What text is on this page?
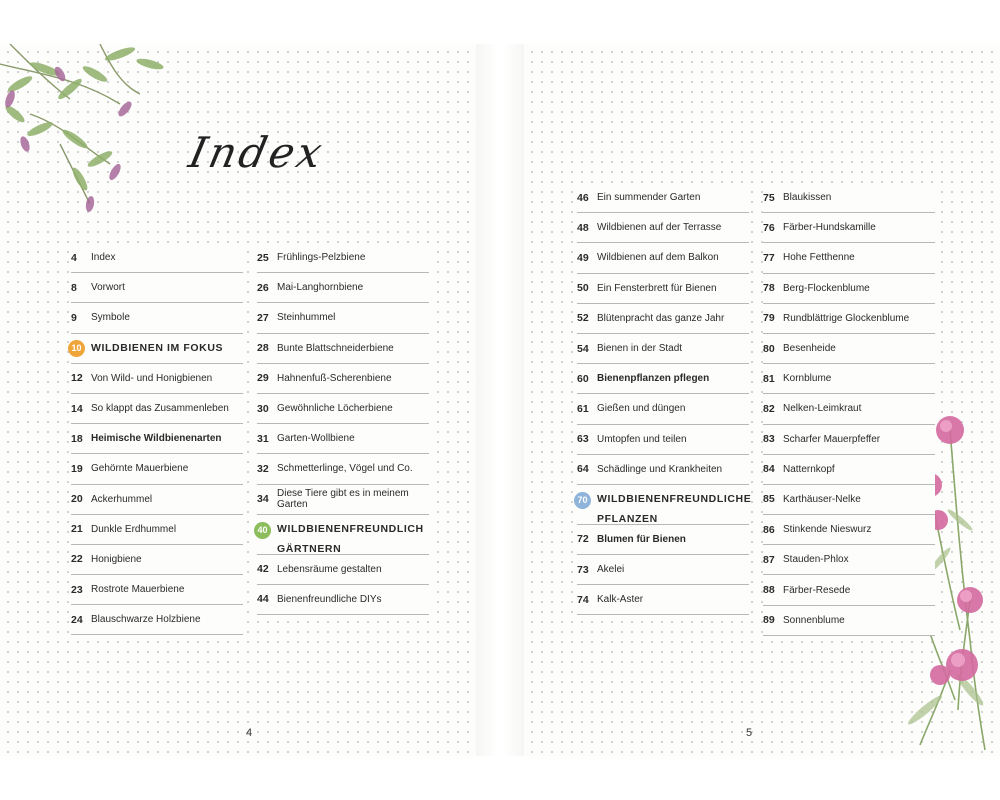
Index
4	Index
8	Vorwort
9	Symbole
10 WILDBIENEN IM FOKUS
12 Von Wild- und Honigbienen
14 So klappt das Zusammenleben
18 Heimische Wildbienenarten
19 Gehörnte Mauerbiene
20 Ackerhummel
21 Dunkle Erdhummel
22 Honigbiene
23 Rostrote Mauerbiene
24 Blauschwarze Holzbiene
25 Frühlings-Pelzbiene
26 Mai-Langhornbiene
27 Steinhummel
28 Bunte Blattschneiderbiene
29 Hahnenfuß-Scherenbiene
30 Gewöhnliche Löcherbiene
31 Garten-Wollbiene
32 Schmetterlinge, Vögel und Co.
34 Diese Tiere gibt es in meinem Garten
40 WILDBIENENFREUNDLICH GÄRTNERN
42 Lebensräume gestalten
44 Bienenfreundliche DIYs
46 Ein summender Garten
48 Wildbienen auf der Terrasse
49 Wildbienen auf dem Balkon
50 Ein Fensterbrett für Bienen
52 Blütenpracht das ganze Jahr
54 Bienen in der Stadt
60 Bienenpflanzen pflegen
61 Gießen und düngen
63 Umtopfen und teilen
64 Schädlinge und Krankheiten
70 WILDBIENENFREUNDLICHE PFLANZEN
72 Blumen für Bienen
73 Akelei
74 Kalk-Aster
75 Blaukissen
76 Färber-Hundskamille
77 Hohe Fetthenne
78 Berg-Flockenblume
79 Rundblättrige Glockenblume
80 Besenheide
81 Kornblume
82 Nelken-Leimkraut
83 Scharfer Mauerpfeffer
84 Natternkopf
85 Karthäuser-Nelke
86 Stinkende Nieswurz
87 Stauden-Phlox
88 Färber-Resede
89 Sonnenblume
4	5
